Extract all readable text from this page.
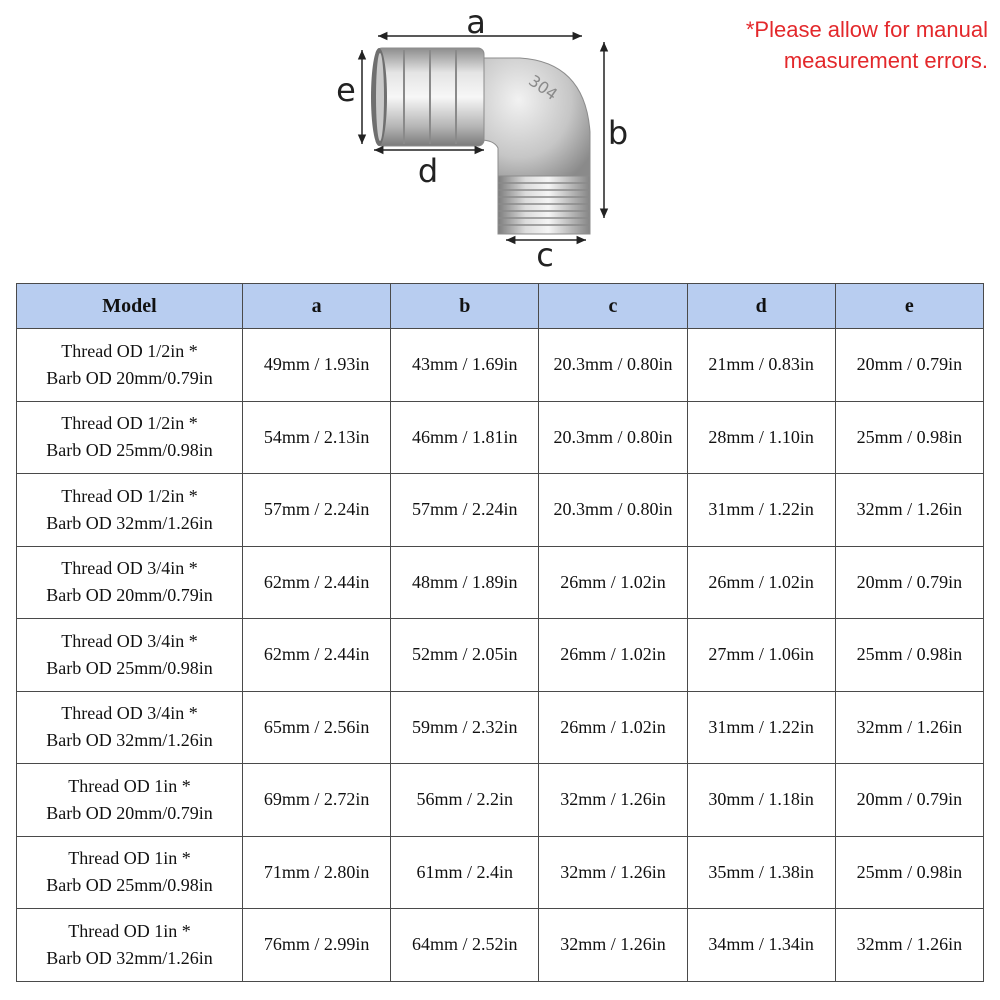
304
a
b
c
d
e
*Please allow for manual measurement errors.
Model	a	b	c	d	e
Thread OD 1/2in *
Barb OD 20mm/0.79in	49mm / 1.93in	43mm / 1.69in	20.3mm / 0.80in	21mm / 0.83in	20mm / 0.79in
Thread OD 1/2in *
Barb OD 25mm/0.98in	54mm / 2.13in	46mm / 1.81in	20.3mm / 0.80in	28mm / 1.10in	25mm / 0.98in
Thread OD 1/2in *
Barb OD 32mm/1.26in	57mm / 2.24in	57mm / 2.24in	20.3mm / 0.80in	31mm / 1.22in	32mm / 1.26in
Thread OD 3/4in *
Barb OD 20mm/0.79in	62mm / 2.44in	48mm / 1.89in	26mm / 1.02in	26mm / 1.02in	20mm / 0.79in
Thread OD 3/4in *
Barb OD 25mm/0.98in	62mm / 2.44in	52mm / 2.05in	26mm / 1.02in	27mm / 1.06in	25mm / 0.98in
Thread OD 3/4in *
Barb OD 32mm/1.26in	65mm / 2.56in	59mm / 2.32in	26mm / 1.02in	31mm / 1.22in	32mm / 1.26in
Thread OD 1in *
Barb OD 20mm/0.79in	69mm / 2.72in	56mm / 2.2in	32mm / 1.26in	30mm / 1.18in	20mm / 0.79in
Thread OD 1in *
Barb OD 25mm/0.98in	71mm / 2.80in	61mm / 2.4in	32mm / 1.26in	35mm / 1.38in	25mm / 0.98in
Thread OD 1in *
Barb OD 32mm/1.26in	76mm / 2.99in	64mm / 2.52in	32mm / 1.26in	34mm / 1.34in	32mm / 1.26in
